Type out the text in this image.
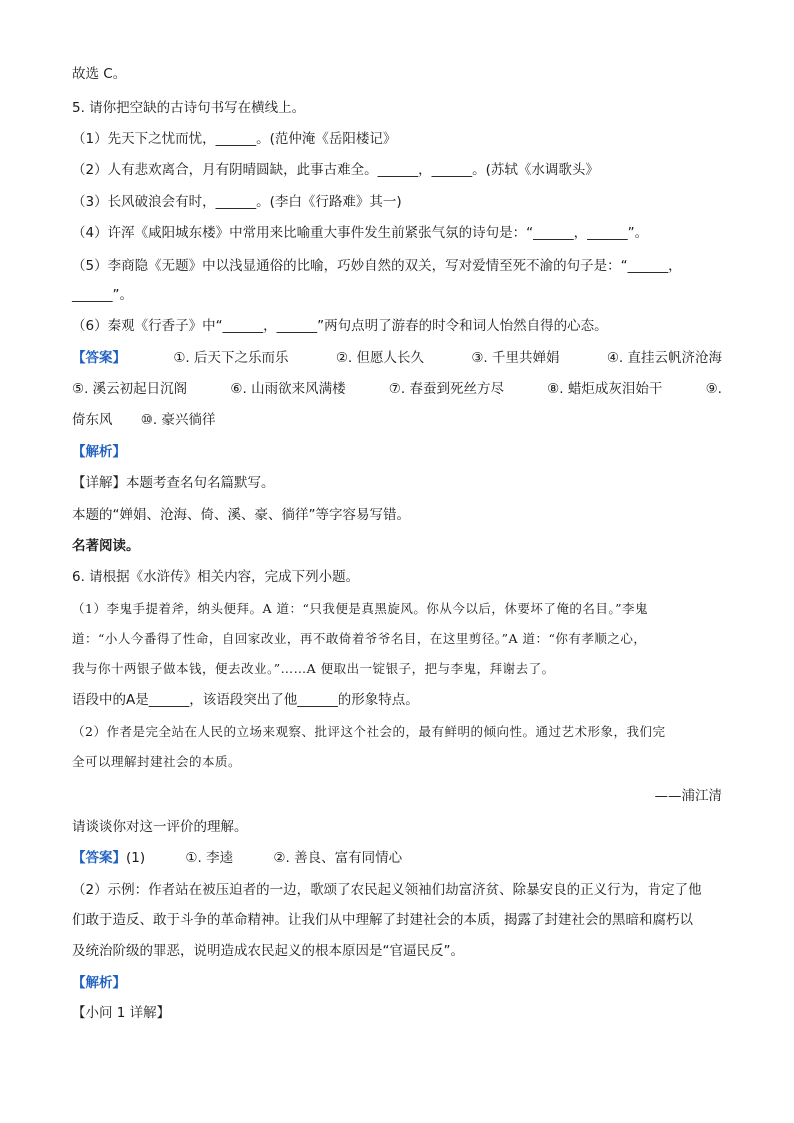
故选 C。
5. 请你把空缺的古诗句书写在横线上。
（1）先天下之忧而忧，______。(范仲淹《岳阳楼记》
（2）人有悲欢离合，月有阴晴圆缺，此事古难全。______，______。(苏轼《水调歌头》
（3）长风破浪会有时，______。(李白《行路难》其一)
（4）许浑《咸阳城东楼》中常用来比喻重大事件发生前紧张气氛的诗句是：“______，______”。
（5）李商隐《无题》中以浅显通俗的比喻，巧妙自然的双关，写对爱情至死不渝的句子是：“______，
______”。
（6）秦观《行香子》中“______，______”两句点明了游春的时令和词人怡然自得的心态。
【答案】	①. 后天下之乐而乐	②. 但愿人长久	③. 千里共婵娟	④. 直挂云帆济沧海
⑤. 溪云初起日沉阁	⑥. 山雨欲来风满楼	⑦. 春蚕到死丝方尽	⑧. 蜡炬成灰泪始干	⑨.
倚东风 ⑩. 豪兴徜徉
【解析】
【详解】本题考查名句名篇默写。
本题的“婵娟、沧海、倚、溪、豪、徜徉”等字容易写错。
名著阅读。
6. 请根据《水浒传》相关内容，完成下列小题。
（1）李鬼手提着斧，纳头便拜。A 道：“只我便是真黑旋风。你从今以后，休要坏了俺的名目。”李鬼
道：“小人今番得了性命，自回家改业，再不敢倚着爷爷名目，在这里剪径。”A 道：“你有孝顺之心，
我与你十两银子做本钱，便去改业。”……A 便取出一锭银子，把与李鬼，拜谢去了。
语段中的A是______，该语段突出了他______的形象特点。
（2）作者是完全站在人民的立场来观察、批评这个社会的，最有鲜明的倾向性。通过艺术形象，我们完
全可以理解封建社会的本质。
——浦江清
请谈谈你对这一评价的理解。
【答案】(1)	①. 李逵	②. 善良、富有同情心
（2）示例：作者站在被压迫者的一边，歌颂了农民起义领袖们劫富济贫、除暴安良的正义行为，肯定了他
们敢于造反、敢于斗争的革命精神。让我们从中理解了封建社会的本质，揭露了封建社会的黑暗和腐朽以
及统治阶级的罪恶，说明造成农民起义的根本原因是“官逼民反”。
【解析】
【小问 1 详解】
